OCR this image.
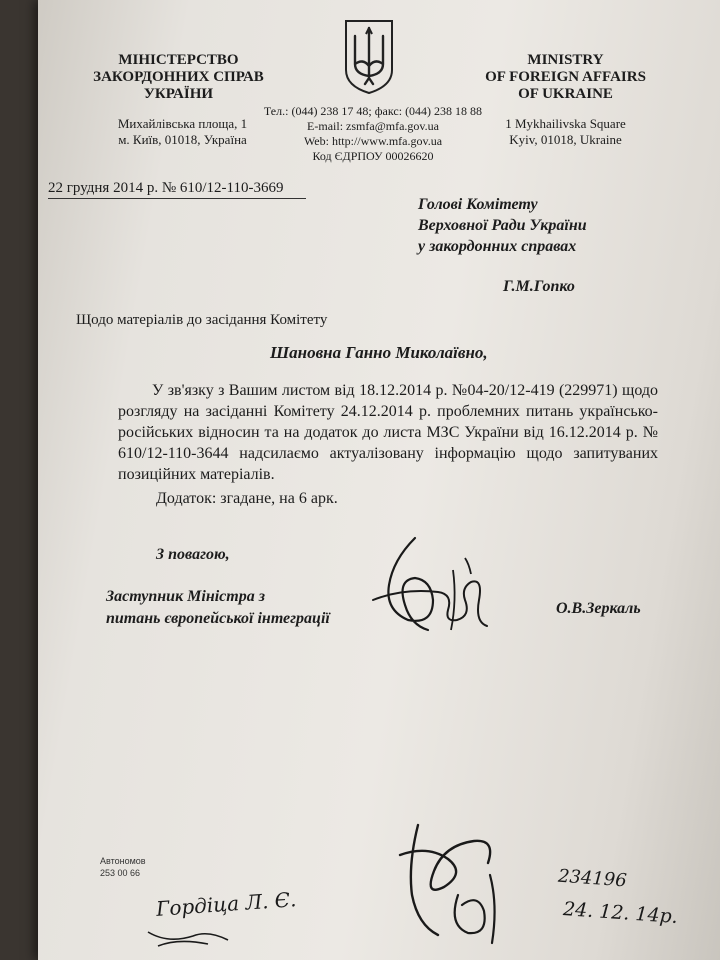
МІНІСТЕРСТВО
ЗАКОРДОННИХ СПРАВ
УКРАЇНИ
Михайлівська площа, 1
м. Київ, 01018, Україна
Тел.: (044) 238 17 48; факс: (044) 238 18 88
E-mail: zsmfa@mfa.gov.ua
Web: http://www.mfa.gov.ua
Код ЄДРПОУ 00026620
MINISTRY
OF FOREIGN AFFAIRS
OF UKRAINE
1 Mykhailivska Square
Kyiv, 01018, Ukraine
22 грудня 2014 р. № 610/12-110-3669
Голові Комітету
Верховної Ради України
у закордонних справах
Г.М.Гопко
Щодо матеріалів до засідання Комітету
Шановна Ганно Миколаївно,
У зв'язку з Вашим листом від 18.12.2014 р. №04-20/12-419 (229971) щодо розгляду на засіданні Комітету 24.12.2014 р. проблемних питань українсько-російських відносин та на додаток до листа МЗС України від 16.12.2014 р. № 610/12-110-3644 надсилаємо актуалізовану інформацію щодо запитуваних позиційних матеріалів.
Додаток: згадане, на 6 арк.
З повагою,
Заступник Міністра з
питань європейської інтеграції
О.В.Зеркаль
Автономов
253 00 66
Гордіца Л. Є.
234196
24. 12. 14р.
